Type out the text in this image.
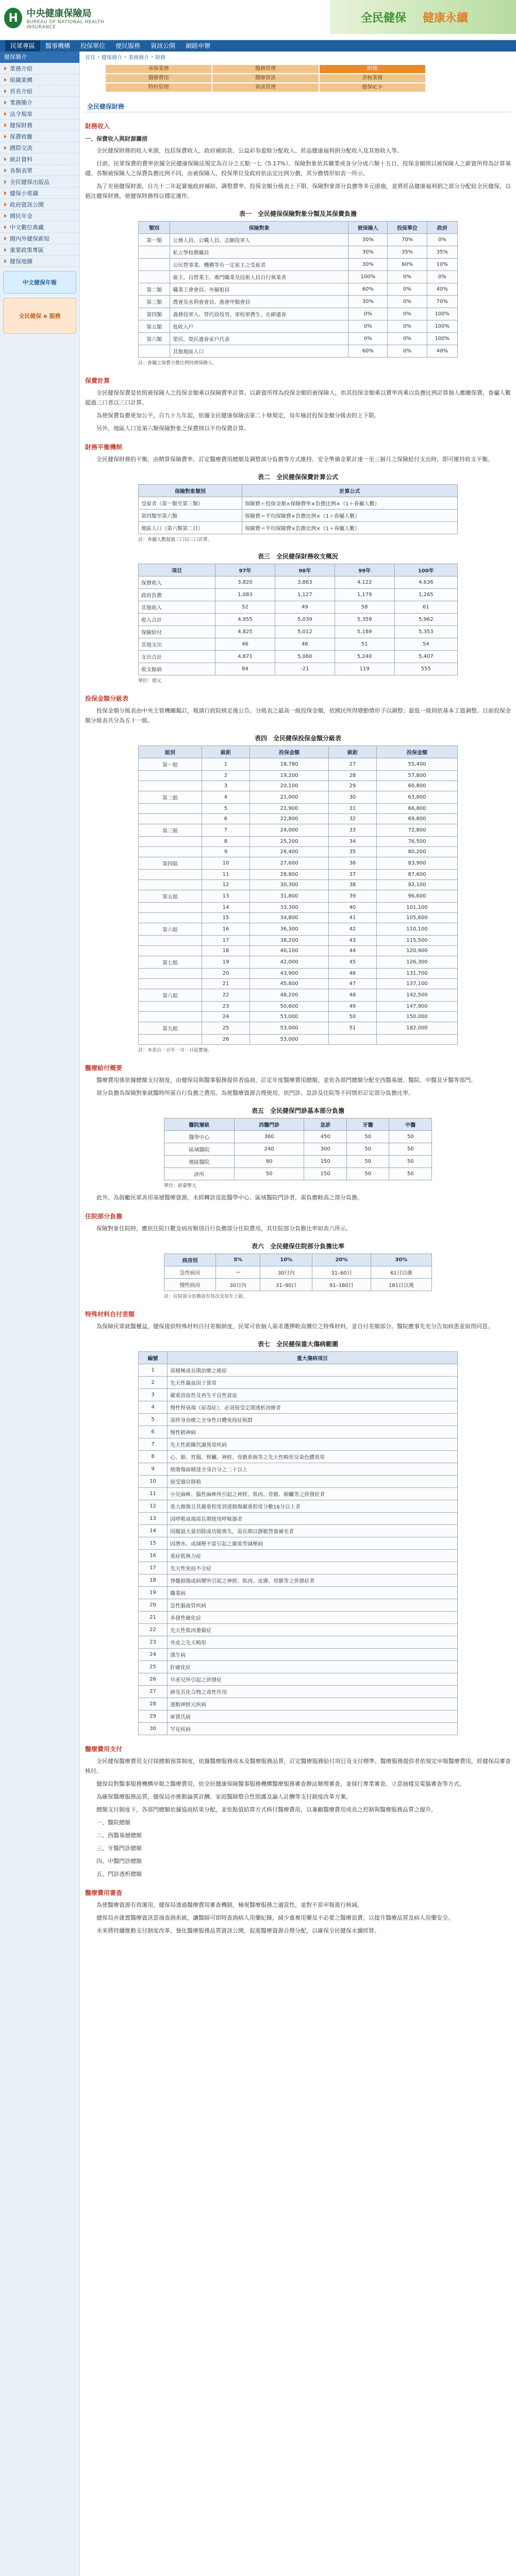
H 中央健康保險局
BUREAU OF NATIONAL HEALTH INSURANCE
全民健保 健康永續
民眾專區	醫事機構	投保單位	便民服務	資訊公開	網路申辦
健保簡介
業務介紹
組織架構
首長介紹
業務簡介
法令規章
健保財務
保費收繳
國際交流
統計資料
各類表單
全民健保出版品
健保小常識
政府資訊公開
國民年金
中文數位典藏
國內外健保新知
重要政策專區
健保地圖
中文健保年報
全民健保 e 服務
首頁 › 健保簡介 › 業務簡介 › 財務
承保業務	醫務管理	財務
醫療費用	醫療資訊	查核業務
特約管理	資訊管理	健保IC卡
全民健保財務
財務收入
一、保費收入與財源籌措

全民健保財務的收入來源，包括保費收入、政府補助款、公益彩券盈餘分配收入、菸品健康福利捐分配收入及其他收入等。

目前，民眾保費的費率依據全民健康保險法規定為百分之五點一七（5.17%）。保險對象依其職業或身分分成六類十五目，投保金額則以被保險人之薪資所得為計算基礎。各類被保險人之保費負擔比例不同，由被保險人、投保單位及政府依法定比例分擔，其分擔情形如表一所示。

為了充裕健保財源，自九十二年起實施政府補助、調整費率、投保金額分級表上下限、保險對象部分負擔等多元措施，並將菸品健康福利捐之部分分配給全民健保，以挹注健保財務，使健保財務得以穩定運作。

表一　全民健保保險對象分類及其保費負擔
類別	保險對象	被保險人	投保單位	政府
第一類	公務人員、公職人員、志願役軍人	30%	70%	0%
	私立學校教職員	30%	35%	35%
	公民營事業、機構等有一定雇主之受雇者	30%	60%	10%
	雇主、自營業主、專門職業及技術人員自行執業者	100%	0%	0%
第二類	職業工會會員、外僱船員	60%	0%	40%
第三類	農會及水利會會員、漁會甲類會員	30%	0%	70%
第四類	義務役軍人、替代役役男、軍校軍費生、在卹遺眷	0%	0%	100%
第五類	低收入戶	0%	0%	100%
第六類	榮民、榮民遺眷家戶代表	0%	0%	100%
	其他地區人口	60%	0%	40%
註：眷屬之保費分擔比例同被保險人。
保費計算

全民健保保費是依照被保險人之投保金額乘以保險費率計算。以薪資所得為投保金額的被保險人，依其投保金額乘以費率再乘以負擔比例計算個人應繳保費，眷屬人數超過三口者以三口計算。

為使保費負擔更加公平，自九十九年起，依據全民健康保險法第二十條規定，每年檢討投保金額分級表的上下限。

另外，地區人口及第六類保險對象之保費則以平均保費計算。

財務平衡機制

全民健保財務的平衡，由精算保險費率、訂定醫療費用總額及調整部分負擔等方式維持。安全準備金累計達一至三個月之保險給付支出時，即可維持收支平衡。

表二　全民健保保費計算公式
保險對象類別	計算公式
受雇者（第一類至第三類）	保險費＝投保金額×保險費率×負擔比例×（1＋眷屬人數）
第四類至第六類	保險費＝平均保險費×負擔比例×（1＋眷屬人數）
地區人口（第六類第二目）	保險費＝平均保險費×負擔比例×（1＋眷屬人數）
註：眷屬人數超過三口以三口計算。
表三　全民健保財務收支概況
項目	97年	98年	99年	100年
保費收入	3,820	3,863	4,122	4,636
政府負擔	1,083	1,127	1,179	1,265
其他收入	52	49	58	61
收入合計	4,955	5,039	5,359	5,962
保險給付	4,825	5,012	5,189	5,353
其他支出	46	48	51	54
支出合計	4,871	5,060	5,240	5,407
收支餘絀	84	-21	119	555
單位：億元
投保金額分級表

投保金額分級表由中央主管機關擬訂，報請行政院核定後公告。分級表之最高一級投保金額，依國民所得變動情形予以調整；最低一級則依基本工資調整。目前投保金額分級表共分為五十一級。

表四　全民健保投保金額分級表
組別	級距	投保金額	級距	投保金額
第一組	1	18,780	27	55,400
	2	19,200	28	57,800
	3	20,100	29	60,800
第二組	4	21,000	30	63,800
	5	21,900	31	66,800
	6	22,800	32	69,800
第三組	7	24,000	33	72,800
	8	25,200	34	76,500
	9	26,400	35	80,200
第四組	10	27,600	36	83,900
	11	28,800	37	87,600
	12	30,300	38	92,100
第五組	13	31,800	39	96,600
	14	33,300	40	101,100
	15	34,800	41	105,600
第六組	16	36,300	42	110,100
	17	38,200	43	115,500
	18	40,100	44	120,900
第七組	19	42,000	45	126,300
	20	43,900	46	131,700
	21	45,800	47	137,100
第八組	22	48,200	48	142,500
	23	50,600	49	147,900
	24	53,000	50	150,000
第九組	25	53,000	51	182,000
	26	53,000		
註：本表自一百年一月一日起實施。
醫療給付概要

醫療費用係依據總額支付制度，由健保局與醫事服務提供者協商，訂定年度醫療費用總額，並依各部門總額分配至西醫基層、醫院、中醫及牙醫等部門。

部分負擔為保險對象就醫時所需自行負擔之費用。為使醫療資源合理使用，依門診、急診及住院等不同情形訂定部分負擔比率。

表五　全民健保門診基本部分負擔
醫院層級	西醫門診	急診	牙醫	中醫
醫學中心	360	450	50	50
區域醫院	240	300	50	50
地區醫院	80	150	50	50
診所	50	150	50	50
單位：新臺幣元

此外，為鼓勵民眾善用基層醫療資源，未經轉診逕赴醫學中心、區域醫院門診者，需負擔較高之部分負擔。

住院部分負擔

保險對象住院時，應依住院日數及病房類別自行負擔部分住院費用，其住院部分負擔比率如表六所示。

表六　全民健保住院部分負擔比率
病房別	5%	10%	20%	30%
急性病房	—	30日內	31–60日	61日以後
慢性病房	30日內	31–90日	91–180日	181日以後
註：住院部分負擔設有每次及每年上限。
特殊材料自付差額

為保障民眾就醫權益，健保提供特殊材料自付差額制度，民眾可依個人需求選擇較高價位之特殊材料，並自付差額部分。醫院應事先充分告知病患並取得同意。

表七　全民健保重大傷病範圍
編號	重大傷病項目
1	需積極或長期治療之癌症
2	先天性凝血因子異常
3	嚴重溶血性及再生不良性貧血
4	慢性腎衰竭（尿毒症），必須接受定期透析治療者
5	需終身治療之全身性自體免疫症候群
6	慢性精神病
7	先天性新陳代謝異常疾病
8	心、肺、胃腸、腎臟、神經、骨骼系統等之先天性畸形及染色體異常
9	燒燙傷面積達全身百分之二十以上
10	接受器官移植
11	小兒麻痺、腦性麻痺所引起之神經、肌肉、骨骼、肺臟等之併發症者
12	重大創傷且其嚴重程度到達創傷嚴重程度分數16分以上者
13	因呼吸衰竭需長期使用呼吸器者
14	因腸道大量切除或功能喪失，需長期以靜脈營養補充者
15	因潛水、或減壓不當引起之嚴重型減壓病
16	重症肌無力症
17	先天性免疫不全症
18	脊髓損傷或病變所引起之神經、肌肉、皮膚、骨骼等之併發症者
19	職業病
20	急性腦血管疾病
21	多發性硬化症
22	先天性肌肉萎縮症
23	外皮之先天畸形
24	漢生病
25	肝硬化症
26	早產兒所引起之併發症
27	砷及其化合物之毒性作用
28	運動神經元疾病
29	庫賈氏病
30	罕見疾病
醫療費用支付

全民健保醫療費用支付採總額預算制度，依據醫療服務成本及醫療服務品質，訂定醫療服務給付項目及支付標準。醫療服務提供者依規定申報醫療費用，經健保局審查核付。

健保局對醫事服務機構申報之醫療費用，依全民健康保險醫事服務機構醫療服務審查辦法辦理審查，並採行專業審查、立意抽樣及電腦審查等方式。

為確保醫療服務品質，健保局亦推動論質計酬、家庭醫師整合性照護及論人計酬等支付制度改革方案。

總額支付制度下，各部門總額依據協商結果分配，並依點值結算方式核付醫療費用，以兼顧醫療費用成長之控制與醫療服務品質之提升。

一、醫院總額

二、西醫基層總額

三、牙醫門診總額

四、中醫門診總額

五、門診透析總額

醫療費用審查

為使醫療資源有效運用，健保局透過醫療費用審查機制，檢視醫療服務之適當性，並對不當申報進行核減。

健保局亦建置醫療資訊雲端查詢系統，讓醫師可即時查詢病人用藥紀錄，減少重複用藥及不必要之醫療浪費，以提升醫療品質及病人用藥安全。

未來將持續推動支付制度改革，強化醫療服務品質資訊公開，促進醫療資源合理分配，以確保全民健保永續經營。
